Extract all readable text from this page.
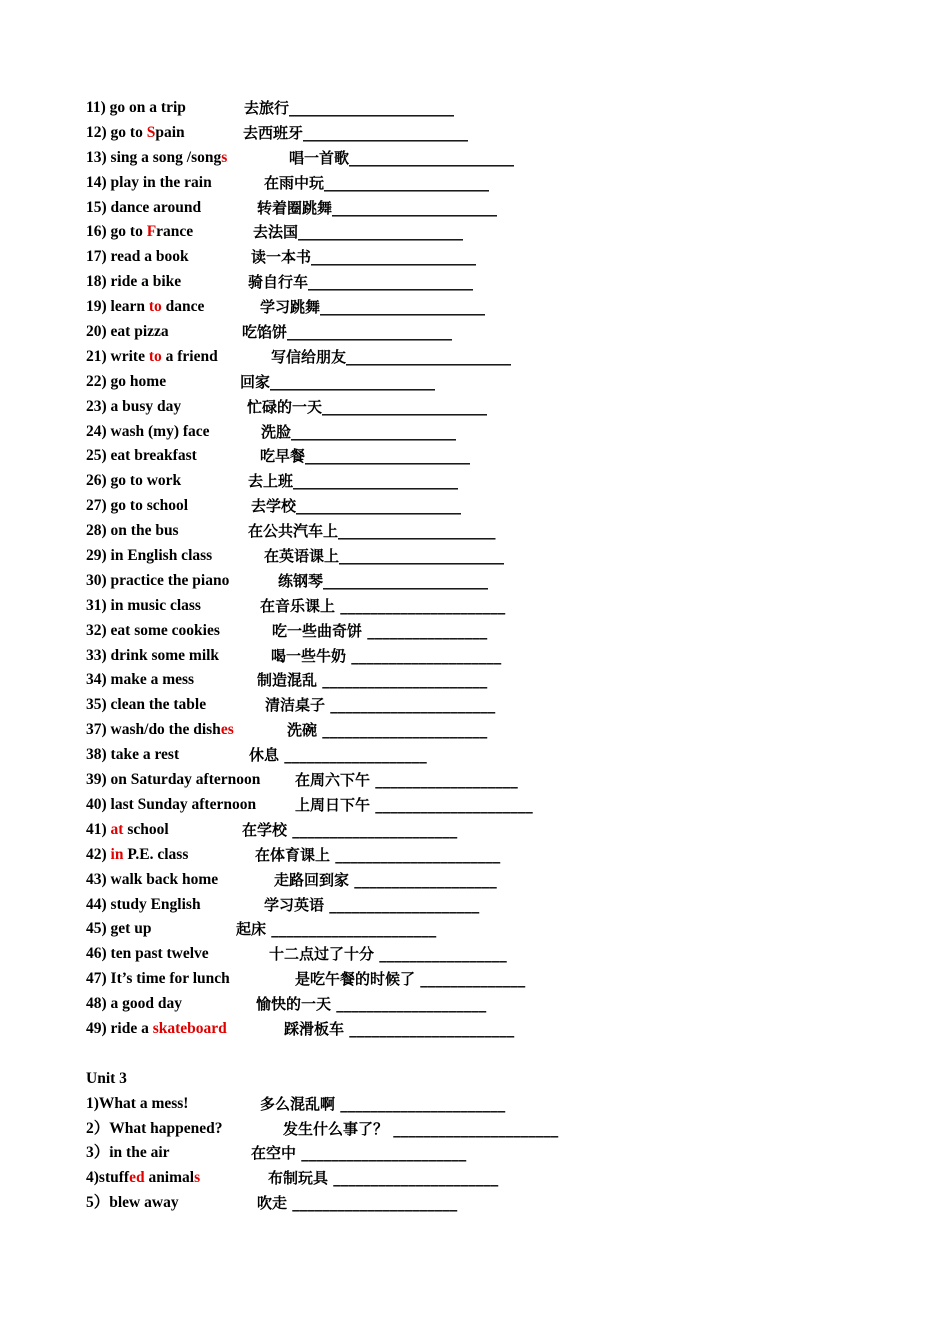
11) go on a trip	去旅行______________________
12) go to Spain	去西班牙______________________
13) sing a song /songs	唱一首歌______________________
14) play in the rain	在雨中玩______________________
15) dance around	转着圈跳舞______________________
16) go to France	去法国______________________
17) read a book	读一本书______________________
18) ride a bike	骑自行车______________________
19) learn to dance	学习跳舞______________________
20) eat pizza	吃馅饼______________________
21) write to a friend	写信给朋友______________________
22) go home	回家______________________
23) a busy day	忙碌的一天______________________
24) wash (my) face	洗脸______________________
25) eat breakfast	吃早餐______________________
26) go to work	去上班______________________
27) go to school	去学校______________________
28) on the bus	在公共汽车上_____________________
29) in English class	在英语课上______________________
30) practice the piano	练钢琴______________________
31) in music class	在音乐课上 ______________________
32) eat some cookies	吃一些曲奇饼 ________________
33) drink some milk	喝一些牛奶 ____________________
34) make a mess	制造混乱 ______________________
35) clean the table	清洁桌子 ______________________
37) wash/do the dishes	洗碗 ______________________
38) take a rest	休息 ___________________
39) on Saturday afternoon 在周六下午 ___________________
40) last Sunday afternoon	上周日下午 _____________________
41) at school	在学校 ______________________
42) in P.E. class	在体育课上 ______________________
43) walk back home	走路回到家 ___________________
44) study English	学习英语 ____________________
45) get up	起床 ______________________
46) ten past twelve	十二点过了十分 _________________
47) It’s time for lunch	是吃午餐的时候了 ______________
48) a good day	愉快的一天 ____________________
49) ride a skateboard	踩滑板车 ______________________
Unit 3
1)What a mess!	多么混乱啊 ______________________
2）What happened?	发生什么事了？ ______________________
3）in the air	在空中 ______________________
4)stuffed animals	布制玩具 ______________________
5）blew away	吹走 ______________________
